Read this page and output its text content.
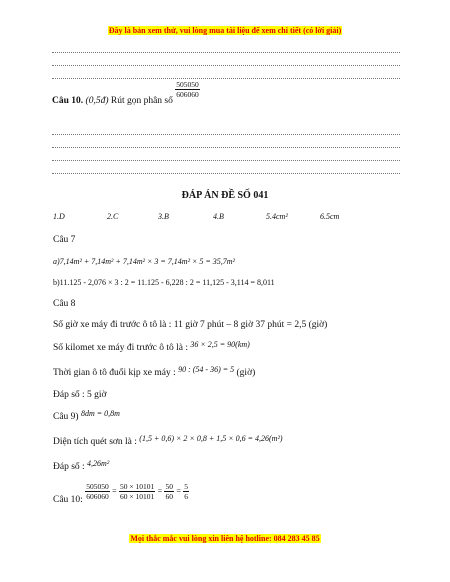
Đây là bản xem thử, vui lòng mua tài liệu để xem chi tiết (có lời giải)
Câu 10. (0,5đ) Rút gọn phân số
$\frac{505050}{606060}$
ĐÁP ÁN ĐỀ SỐ 041
1.D	2.C	3.B	4.B	5.4cm²	6.5cm
Câu 7
a)7,14m² + 7,14m² + 7,14m² × 3 = 7,14m² × 5 = 35,7m²
b)11.125 - 2,076 × 3 : 2 = 11.125 - 6,228 : 2 = 11,125 - 3,114 = 8,011
Câu 8
Số giờ xe máy đi trước ô tô là : 11 giờ 7 phút – 8 giờ 37 phút = 2,5 (giờ)
Số kilomet xe máy đi trước ô tô là : $^{36 \times 2,5 = 90(km)}$
Thời gian ô tô đuổi kịp xe máy : $^{90 : (54 - 36) = 5}$ (giờ)
Đáp số : 5 giờ
Câu 9) $^{8dm = 0,8m}$
Diện tích quét sơn là : $^{(1,5 + 0,6) \times 2 \times 0,8 + 1,5 \times 0,6 = 4,26(m^2)}$
Đáp số : $^{4,26m^2}$
Câu 10: $\frac{505050}{606060} = \frac{50 \times 10101}{60 \times 10101} = \frac{50}{60} = \frac{5}{6}$
Mọi thắc mắc vui lòng xin liên hệ hotline: 084 283 45 85
